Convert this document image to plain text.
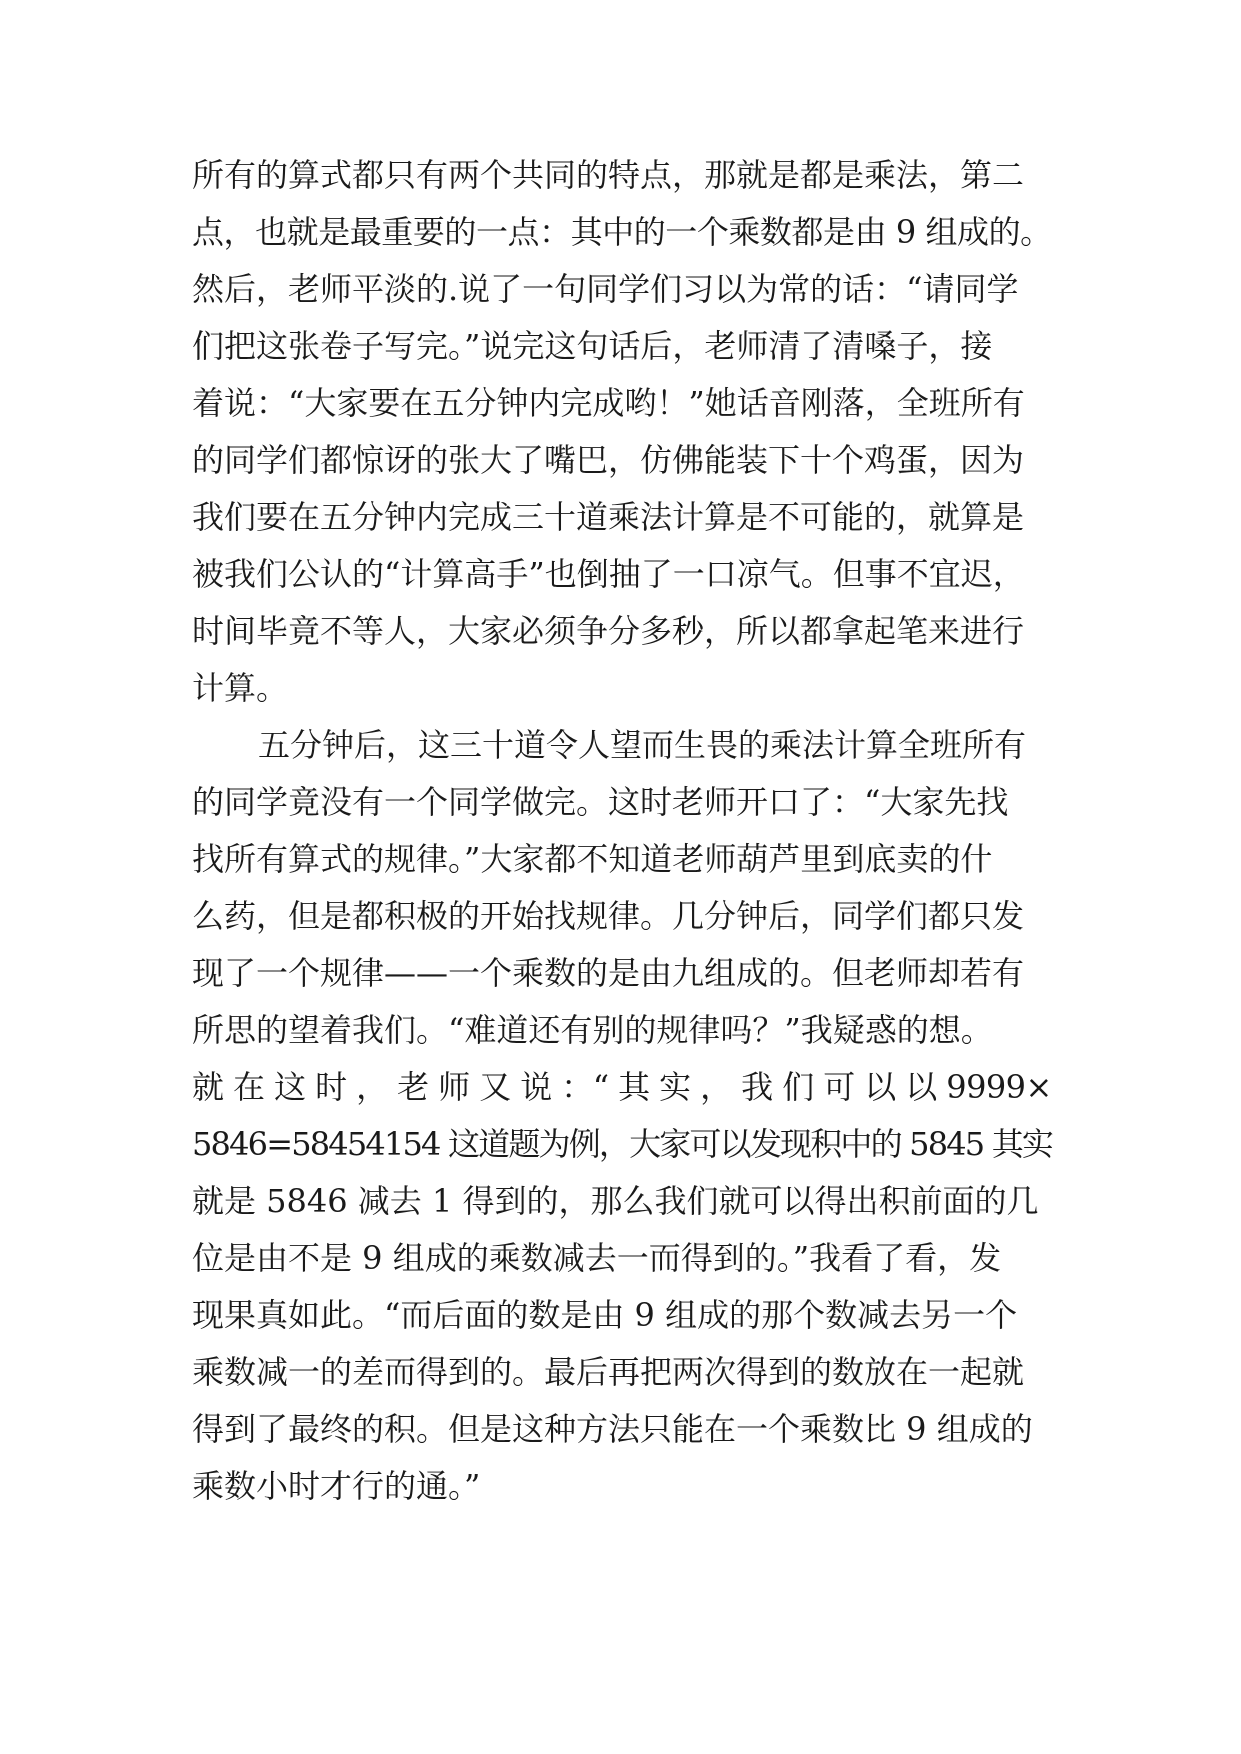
所有的算式都只有两个共同的特点，那就是都是乘法，第二
点，也就是最重要的一点：其中的一个乘数都是由 9 组成的。
然后，老师平淡的.说了一句同学们习以为常的话：“请同学
们把这张卷子写完。”说完这句话后，老师清了清嗓子，接
着说：“大家要在五分钟内完成哟！”她话音刚落，全班所有
的同学们都惊讶的张大了嘴巴，仿佛能装下十个鸡蛋，因为
我们要在五分钟内完成三十道乘法计算是不可能的，就算是
被我们公认的“计算高手”也倒抽了一口凉气。但事不宜迟，
时间毕竟不等人，大家必须争分多秒，所以都拿起笔来进行
计算。
五分钟后，这三十道令人望而生畏的乘法计算全班所有
的同学竟没有一个同学做完。这时老师开口了：“大家先找
找所有算式的规律。”大家都不知道老师葫芦里到底卖的什
么药，但是都积极的开始找规律。几分钟后，同学们都只发
现了一个规律——一个乘数的是由九组成的。但老师却若有
所思的望着我们。“难道还有别的规律吗？”我疑惑的想。
就 在 这 时 ， 老 师 又 说 ：“ 其 实 ， 我 们 可 以 以 9999×
5846=58454154 这道题为例，大家可以发现积中的 5845 其实
就是 5846 减去 1 得到的，那么我们就可以得出积前面的几
位是由不是 9 组成的乘数减去一而得到的。”我看了看，发
现果真如此。“而后面的数是由 9 组成的那个数减去另一个
乘数减一的差而得到的。最后再把两次得到的数放在一起就
得到了最终的积。但是这种方法只能在一个乘数比 9 组成的
乘数小时才行的通。”
